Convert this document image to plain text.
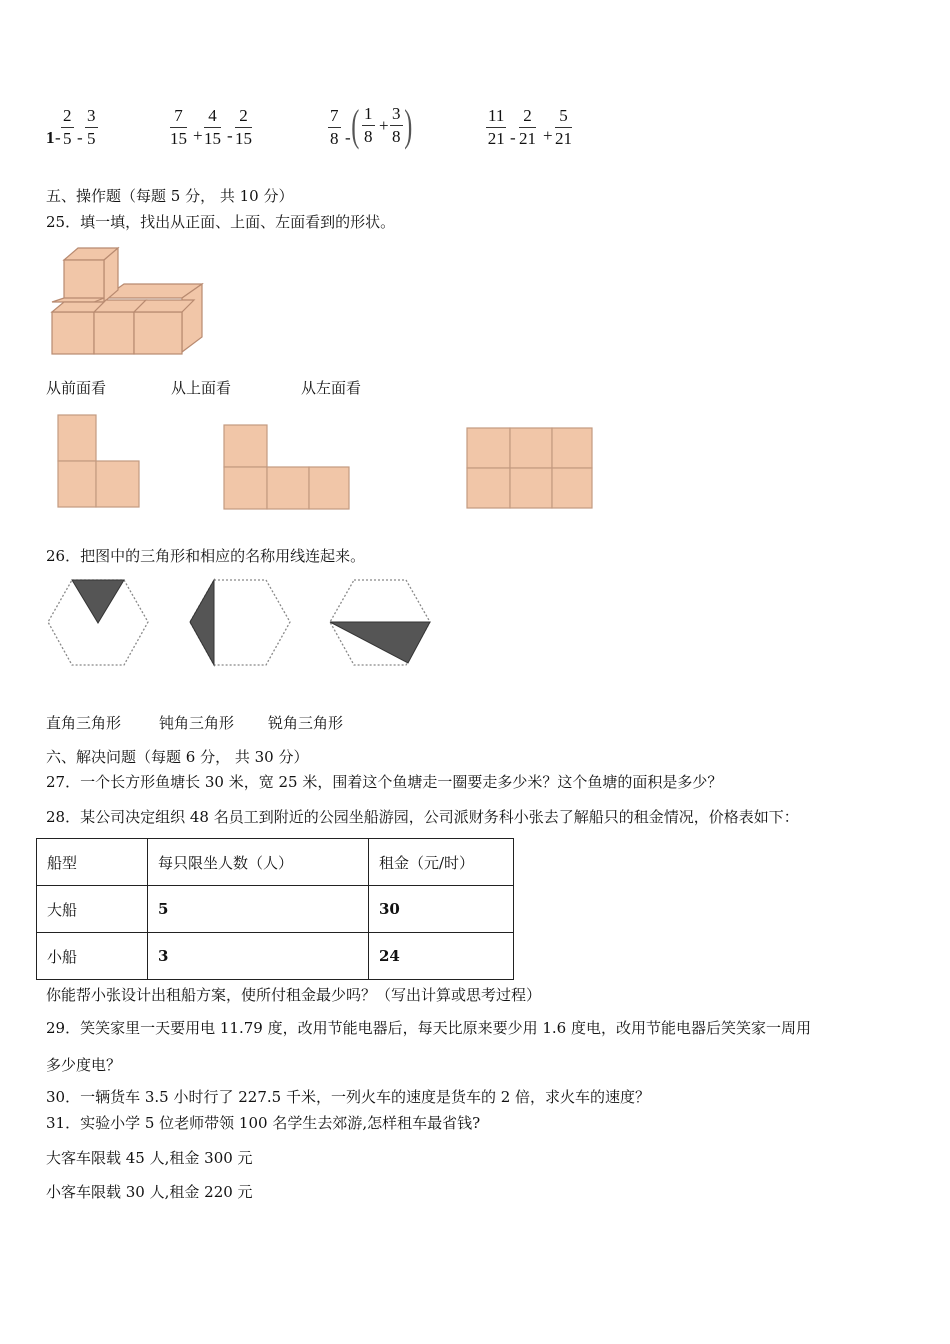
1 -
2
5 -
3
5
7
15 +
4
15 -
2
15
7
8 - ( 1
8
+
3
8 )	11
21 -
2
21 +
5
21
五、操作题（每题 5 分， 共 10 分）
25．填一填，找出从正面、上面、左面看到的形状。
从前面看	从上面看	从左面看
26．把图中的三角形和相应的名称用线连起来。
直角三角形	钝角三角形 锐角三角形
六、解决问题（每题 6 分， 共 30 分）
27．一个长方形鱼塘长 30 米，宽 25 米，围着这个鱼塘走一圈要走多少米？这个鱼塘的面积是多少？
28．某公司决定组织 48 名员工到附近的公园坐船游园，公司派财务科小张去了解船只的租金情况，价格表如下：
船型	每只限坐人数（人）	租金（元/时）
大船	5	30
小船	3	24
你能帮小张设计出租船方案，使所付租金最少吗？（写出计算或思考过程）
29．笑笑家里一天要用电 11.79 度，改用节能电器后，每天比原来要少用 1.6 度电，改用节能电器后笑笑家一周用
多少度电？
30．一辆货车 3.5 小时行了 227.5 千米，一列火车的速度是货车的 2 倍，求火车的速度？
31．实验小学 5 位老师带领 100 名学生去郊游,怎样租车最省钱?
大客车限载 45 人,租金 300 元
小客车限载 30 人,租金 220 元
